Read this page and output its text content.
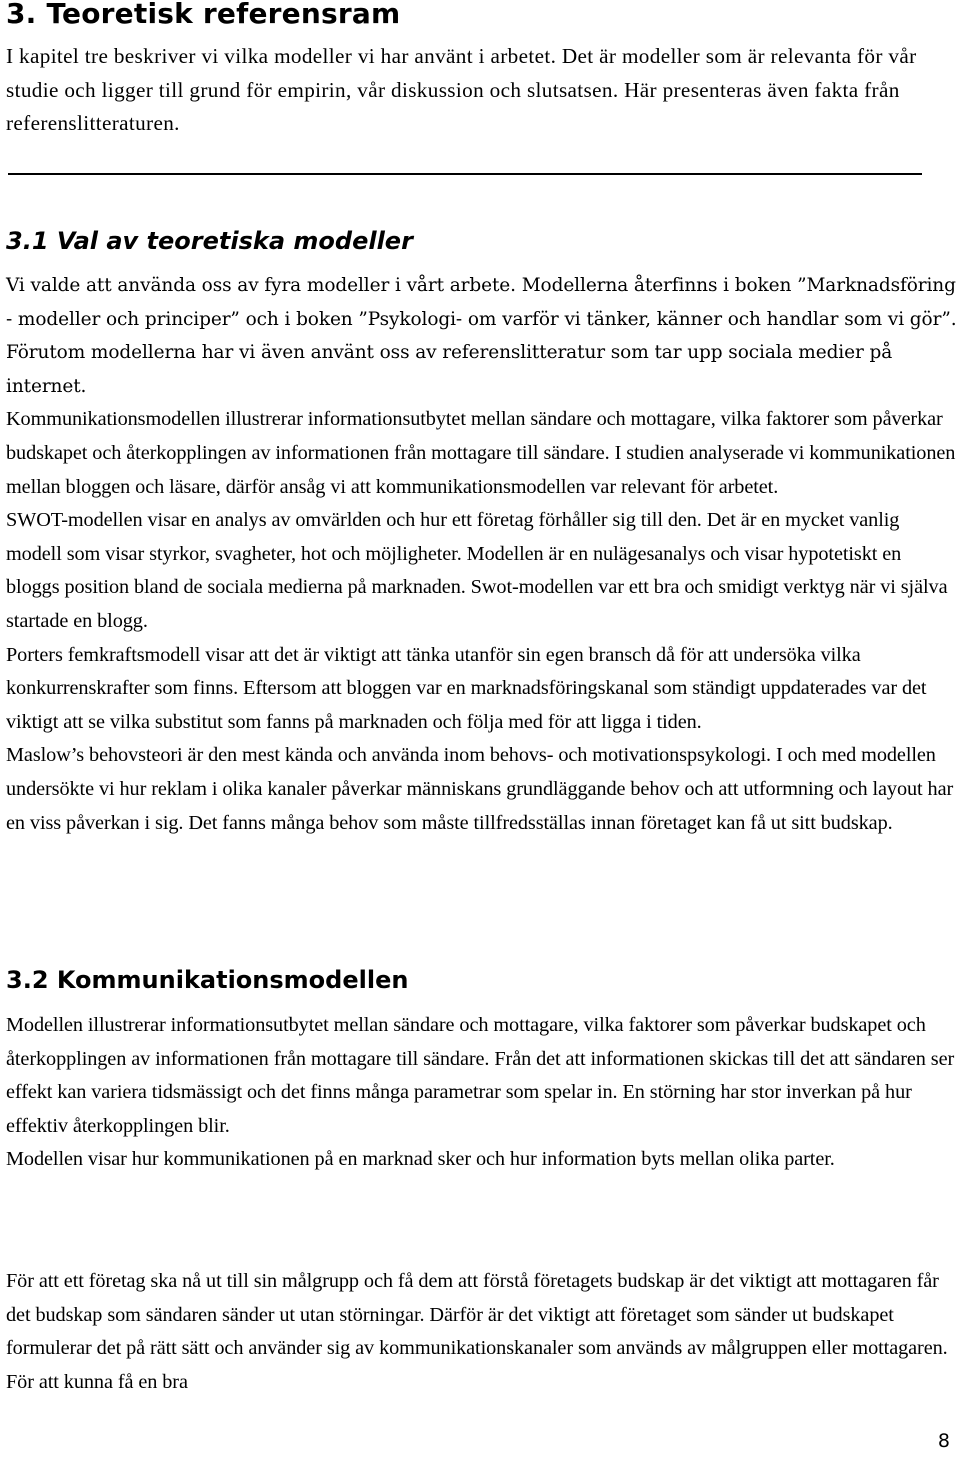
3. Teoretisk referensram

I kapitel tre beskriver vi vilka modeller vi har använt i arbetet. Det är modeller som är relevanta för vår studie och ligger till grund för empirin, vår diskussion och slutsatsen. Här presenteras även fakta från referenslitteraturen.

3.1 Val av teoretiska modeller

Vi valde att använda oss av fyra modeller i vårt arbete. Modellerna återfinns i boken ”Marknadsföring - modeller och principer” och i boken ”Psykologi- om varför vi tänker, känner och handlar som vi gör”. Förutom modellerna har vi även använt oss av referenslitteratur som tar upp sociala medier på internet.

Kommunikationsmodellen illustrerar informationsutbytet mellan sändare och mottagare, vilka faktorer som påverkar budskapet och återkopplingen av informationen från mottagare till sändare. I studien analyserade vi kommunikationen mellan bloggen och läsare, därför ansåg vi att kommunikationsmodellen var relevant för arbetet.

SWOT-modellen visar en analys av omvärlden och hur ett företag förhåller sig till den. Det är en mycket vanlig modell som visar styrkor, svagheter, hot och möjligheter. Modellen är en nulägesanalys och visar hypotetiskt en bloggs position bland de sociala medierna på marknaden. Swot-modellen var ett bra och smidigt verktyg när vi själva startade en blogg.

Porters femkraftsmodell visar att det är viktigt att tänka utanför sin egen bransch då för att undersöka vilka konkurrenskrafter som finns. Eftersom att bloggen var en marknadsföringskanal som ständigt uppdaterades var det viktigt att se vilka substitut som fanns på marknaden och följa med för att ligga i tiden.

Maslow’s behovsteori är den mest kända och använda inom behovs- och motivationspsykologi. I och med modellen undersökte vi hur reklam i olika kanaler påverkar människans grundläggande behov och att utformning och layout har en viss påverkan i sig. Det fanns många behov som måste tillfredsställas innan företaget kan få ut sitt budskap.

3.2 Kommunikationsmodellen

Modellen illustrerar informationsutbytet mellan sändare och mottagare, vilka faktorer som påverkar budskapet och återkopplingen av informationen från mottagare till sändare. Från det att informationen skickas till det att sändaren ser effekt kan variera tidsmässigt och det finns många parametrar som spelar in. En störning har stor inverkan på hur effektiv återkopplingen blir.

Modellen visar hur kommunikationen på en marknad sker och hur information byts mellan olika parter.

För att ett företag ska nå ut till sin målgrupp och få dem att förstå företagets budskap är det viktigt att mottagaren får det budskap som sändaren sänder ut utan störningar. Därför är det viktigt att företaget som sänder ut budskapet formulerar det på rätt sätt och använder sig av kommunikationskanaler som används av målgruppen eller mottagaren. För att kunna få en bra

8
